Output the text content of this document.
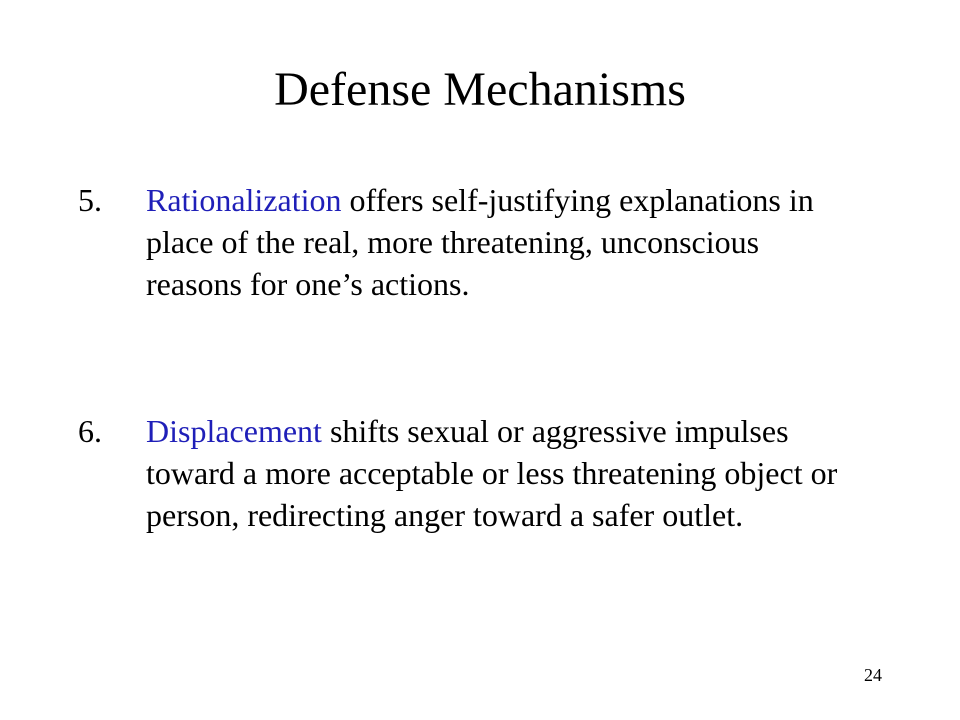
Defense Mechanisms
5.	Rationalization offers self-justifying explanations in place of the real, more threatening, unconscious reasons for one’s actions.
6.	Displacement shifts sexual or aggressive impulses toward a more acceptable or less threatening object or person, redirecting anger toward a safer outlet.
24
